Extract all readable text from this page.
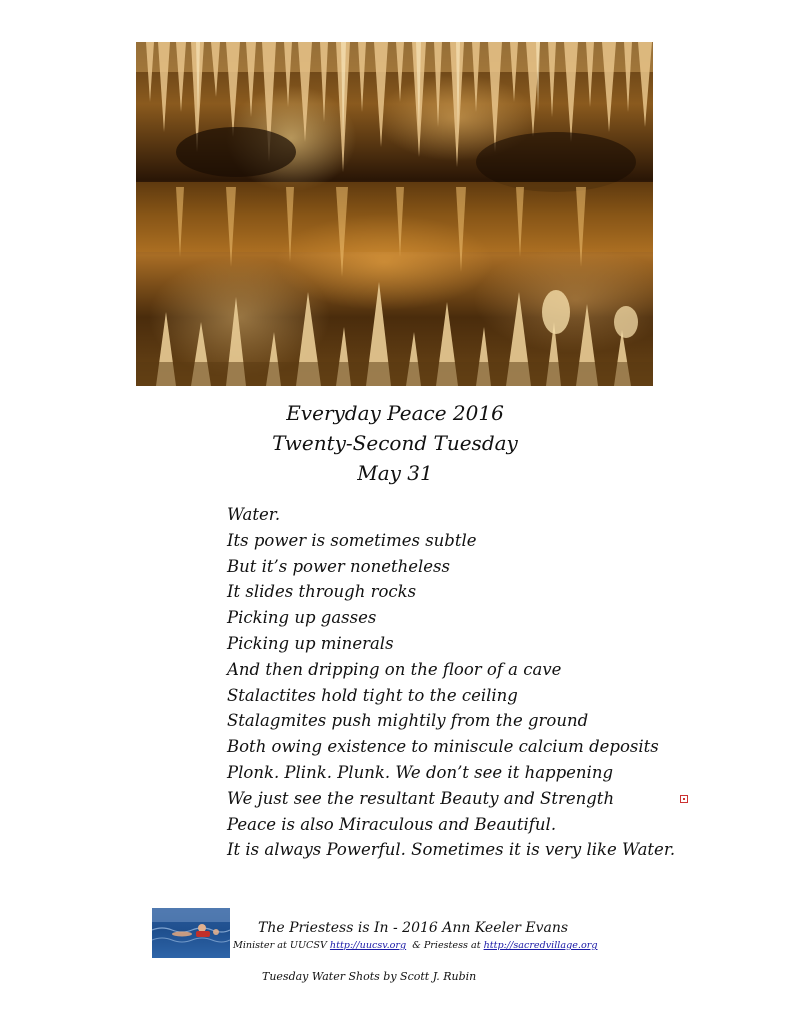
Everyday Peace 2016
Twenty-Second Tuesday
May 31
Water.
Its power is sometimes subtle
But it’s power nonetheless
It slides through rocks
Picking up gasses
Picking up minerals
And then dripping on the floor of a cave
Stalactites hold tight to the ceiling
Stalagmites push mightily from the ground
Both owing existence to miniscule calcium deposits
Plonk. Plink. Plunk. We don’t see it happening
We just see the resultant Beauty and Strength
Peace is also Miraculous and Beautiful.
It is always Powerful. Sometimes it is very like Water.
The Priestess is In - 2016 Ann Keeler Evans
Minister at UUCSV http://uucsv.org  & Priestess at http://sacredvillage.org
Tuesday Water Shots by Scott J. Rubin
